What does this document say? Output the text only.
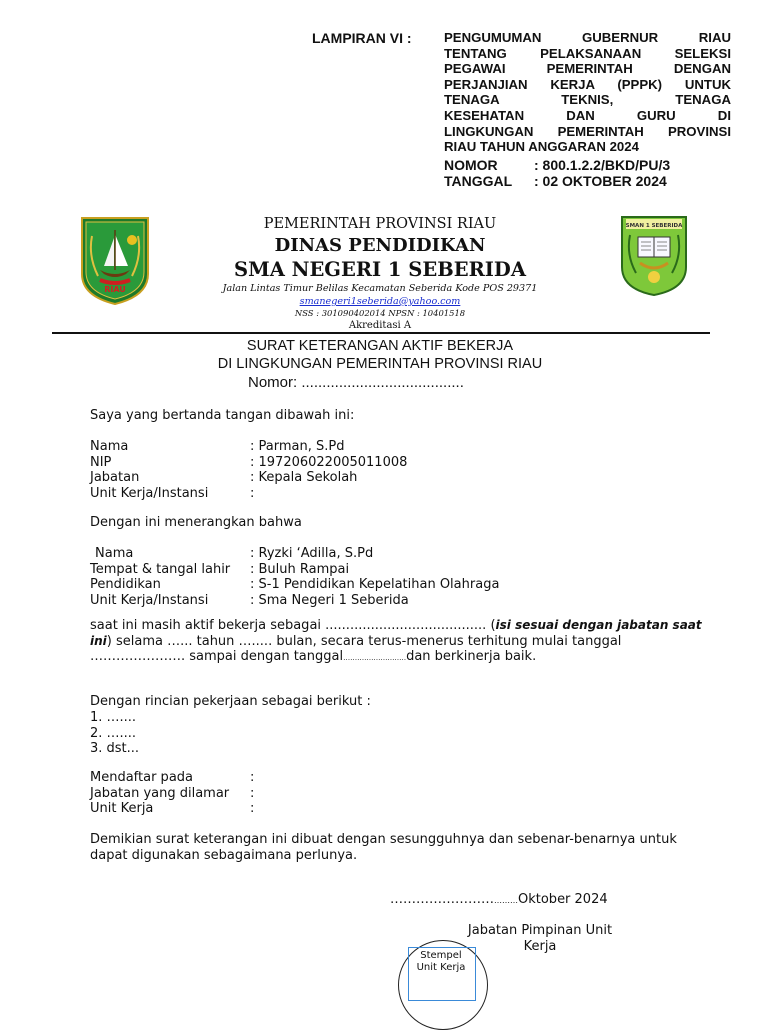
LAMPIRAN VI : PENGUMUMAN GUBERNUR RIAU
TENTANG PELAKSANAAN SELEKSI
PEGAWAI PEMERINTAH DENGAN
PERJANJIAN KERJA (PPPK) UNTUK
TENAGA TEKNIS, TENAGA
KESEHATAN DAN GURU DI
LINGKUNGAN PEMERINTAH PROVINSI
RIAU TAHUN ANGGARAN 2024
NOMOR	: 800.1.2.2/BKD/PU/3
TANGGAL	: 02 OKTOBER 2024
RIAU
SMAN 1 SEBERIDA
PEMERINTAH PROVINSI RIAU
DINAS PENDIDIKAN
SMA NEGERI 1 SEBERIDA
Jalan Lintas Timur Belilas Kecamatan Seberida Kode POS 29371
smanegeri1seberida@yahoo.com
NSS : 301090402014 NPSN : 10401518
Akreditasi A
SURAT KETERANGAN AKTIF BEKERJA
DI LINGKUNGAN PEMERINTAH PROVINSI RIAU
Nomor: .......................................
Saya yang bertanda tangan dibawah ini:
Nama	: Parman, S.Pd
NIP	: 197206022005011008
Jabatan	: Kepala Sekolah
Unit Kerja/Instansi	:
Dengan ini menerangkan bahwa
Nama	: Ryzki ‘Adilla, S.Pd
Tempat & tangal lahir	: Buluh Rampai
Pendidikan	: S-1 Pendidikan Kepelatihan Olahraga
Unit Kerja/Instansi	: Sma Negeri 1 Seberida
saat ini masih aktif bekerja sebagai ....................................... (isi sesuai dengan jabatan saat ini) selama …... tahun …..... bulan, secara terus-menerus terhitung mulai tanggal
…………………. sampai dengan tanggal………………………dan berkinerja baik.
Dengan rincian pekerjaan sebagai berikut :
1. …....
2. …....
3. dst...
Mendaftar pada	:
Jabatan yang dilamar	:
Unit Kerja	:
Demikian surat keterangan ini dibuat dengan sesungguhnya dan sebenar-benarnya untuk dapat digunakan sebagaimana perlunya.
……………………………Oktober 2024
Jabatan Pimpinan Unit
Kerja
Stempel
Unit Kerja
